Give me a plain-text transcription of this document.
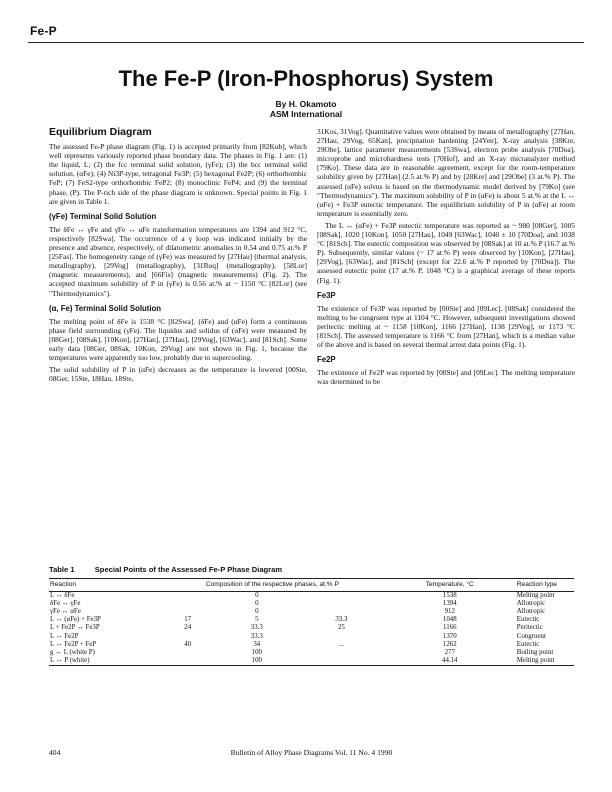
Fe-P
The Fe-P (Iron-Phosphorus) System
By H. Okamoto
ASM International
Equilibrium Diagram

The assessed Fe-P phase diagram (Fig. 1) is accepted primarily from [82Kub], which well represents variously reported phase boundary data. The phases in Fig. 1 are: (1) the liquid, L; (2) the fcc terminal solid solution, (γFe); (3) the bcc terminal solid solution, (αFe); (4) Ni3P-type, tetragonal Fe3P; (5) hexagonal Fe2P; (6) orthorhombic FeP; (7) FeS2-type orthorhombic FeP2; (8) monoclinic FeP4; and (9) the terminal phase, (P). The P-rich side of the phase diagram is unknown. Special points in Fig. 1 are given in Table 1.

(γFe) Terminal Solid Solution

The δFe ↔ γFe and γFe ↔ αFe transformation temperatures are 1394 and 912 °C, respectively [82Swa]. The occurrence of a γ loop was indicated initially by the presence and absence, respectively, of dilatometric anomalies in 0.54 and 0.75 at.% P [25Fas]. The homogeneity range of (γFe) was measured by [27Hau] (thermal analysis, metallography), [29Vog] (metallography), [31Roq] (metallography), [58Lor] (magnetic measurements), and [66Fis] (magnetic measurements) (Fig. 2). The accepted maximum solubility of P in (γFe) is 0.56 at.% at ~ 1150 °C [82Lor] (see "Thermodynamics").

(α, Fe) Terminal Solid Solution

The melting point of δFe is 1538 °C [82Swa]. (δFe) and (αFe) form a continuous phase field surrounding (γFe). The liquidus and solidus of (αFe) were measured by [08Ger], [08Sak], [10Kon], [27Han], [27Hau], [29Vog], [63Wac], and [81Sch]. Some early data [08Ger, 08Sak, 10Kon, 29Vog] are not shown in Fig. 1, because the temperatures were apparently too low, probably due to supercooling.

The solid solubility of P in (αFe) decreases as the temperature is lowered [00Ste, 08Ger, 15Ste, 18Hau, 18Ste,

31Kos, 31Vog]. Quantitative values were obtained by means of metallography [27Han, 27Hau, 29Vog, 65Kan], precipitation hardening [24Yen], X-ray analysis [38Kre, 29Obe], lattice parameter measurements [53Swa], electron probe analysis [70Doa], microprobe and microhardness tests [70Hof], and an X-ray micranalyzer method [79Ko]. These data are in reasonable agreement, except for the room-temperature solubility given by [27Han] (2.5 at.% P) and by [28Kre] and [29Obe] (3 at.% P). The assessed (αFe) solvus is based on the thermodynamic model derived by [79Ko] (see "Thermodynamics"). The maximum solubility of P in (αFe) is about 5 at.% at the L ↔ (αFe) + Fe3P eutectic temperature. The equilibrium solubility of P in (αFe) at room temperature is essentially zero.

The L ↔ (αFe) + Fe3P eutectic temperature was reported as ~ 980 [08Ger], 1005 [08Sak], 1020 [10Kon], 1050 [27Hau], 1049 [63Wac], 1040 ± 10 [70Doa], and 1038 °C [81Sch]. The eutectic composition was observed by [08Sak] at 10 at.% P (16.7 at.% P). Subsequently, similar values (~ 17 at.% P) were observed by [10Kon], [27Hau], [29Vog], [63Wac], and [81Sch] (except for 22.6 at.% P reported by [70Doa]). The assessed eutectic point (17 at.% P, 1048 °C) is a graphical average of these reports (Fig. 1).

Fe3P

The existence of Fe3P was reported by [00Ste] and [09Lec]. [08Sak] considered the melting to be congruent type at 1104 °C. However, subsequent investigations showed peritectic melting at ~ 1158 [10Kon], 1166 [27Han], 1138 [29Vog], or 1173 °C [81Sch]. The assessed temperature is 1166 °C from [27Han], which is a median value of the above and is based on several thermal arrest data points (Fig. 1).

Fe2P

The existence of Fe2P was reported by [00Ste] and [09Lec]. The melting temperature was determined to be

Table 1	Special Points of the Assessed Fe-P Phase Diagram
Reaction	Composition of the respective phases, at.% P			Temperature, °C	Reaction type
L ↔ δFe		0		1538	Melting point
δFe ↔ γFe		0		1394	Allotropic
γFe ↔ αFe		0		912	Allotropic
L ↔ (αFe) + Fe3P	17	5	33.3	1048	Eutectic
L + Fe2P ↔ Fe3P	24	33.3	25	1166	Peritectic
L ↔ Fe2P		33.3		1370	Congruent
L ↔ Fe2P + FeP	40	34	...	1262	Eutectic
g ↔ L (white P)		100		277	Boiling point
L ↔ P (white)		100		44.14	Melting point
404	Bulletin of Alloy Phase Diagrams Vol. 11 No. 4 1990
